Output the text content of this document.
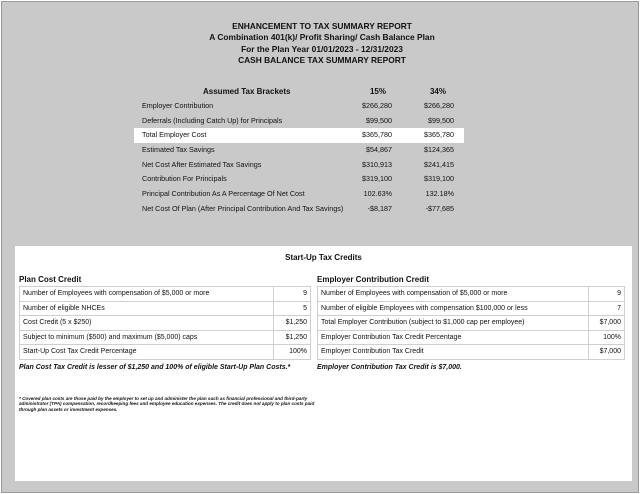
ENHANCEMENT TO TAX SUMMARY REPORT
A Combination 401(k)/ Profit Sharing/ Cash Balance Plan
For the Plan Year 01/01/2023 - 12/31/2023
CASH BALANCE TAX SUMMARY REPORT
Assumed Tax Brackets	15%	34%
Employer Contribution	$266,280	$266,280
Deferrals (Including Catch Up) for Principals	$99,500	$99,500
Total Employer Cost	$365,780	$365,780
Estimated Tax Savings	$54,867	$124,365
Net Cost After Estimated Tax Savings	$310,913	$241,415
Contribution For Principals	$319,100	$319,100
Principal Contribution As A Percentage Of Net Cost	102.63%	132.18%
Net Cost Of Plan (After Principal Contribution And Tax Savings)	-$8,187	-$77,685
Start-Up Tax Credits
Plan Cost Credit
Number of Employees with compensation of $5,000 or more	9
Number of eligible NHCEs	5
Cost Credit (5 x $250)	$1,250
Subject to minimum ($500) and maximum ($5,000) caps	$1,250
Start-Up Cost Tax Credit Percentage	100%
Plan Cost Tax Credit is lesser of $1,250 and 100% of eligible Start-Up Plan Costs.*
Employer Contribution Credit
Number of Employees with compensation of $5,000 or more	9
Number of eligible Employees with compensation $100,000 or less	7
Total Employer Contribution (subject to $1,000 cap per employee)	$7,000
Employer Contribution Tax Credit Percentage	100%
Employer Contribution Tax Credit	$7,000
Employer Contribution Tax Credit is $7,000.
* Covered plan costs are those paid by the employer to set up and administer the plan such as financial professional and third-party administrator (TPA) compensation, recordkeeping fees and employee education expenses. The credit does not apply to plan costs paid through plan assets or investment expenses.
